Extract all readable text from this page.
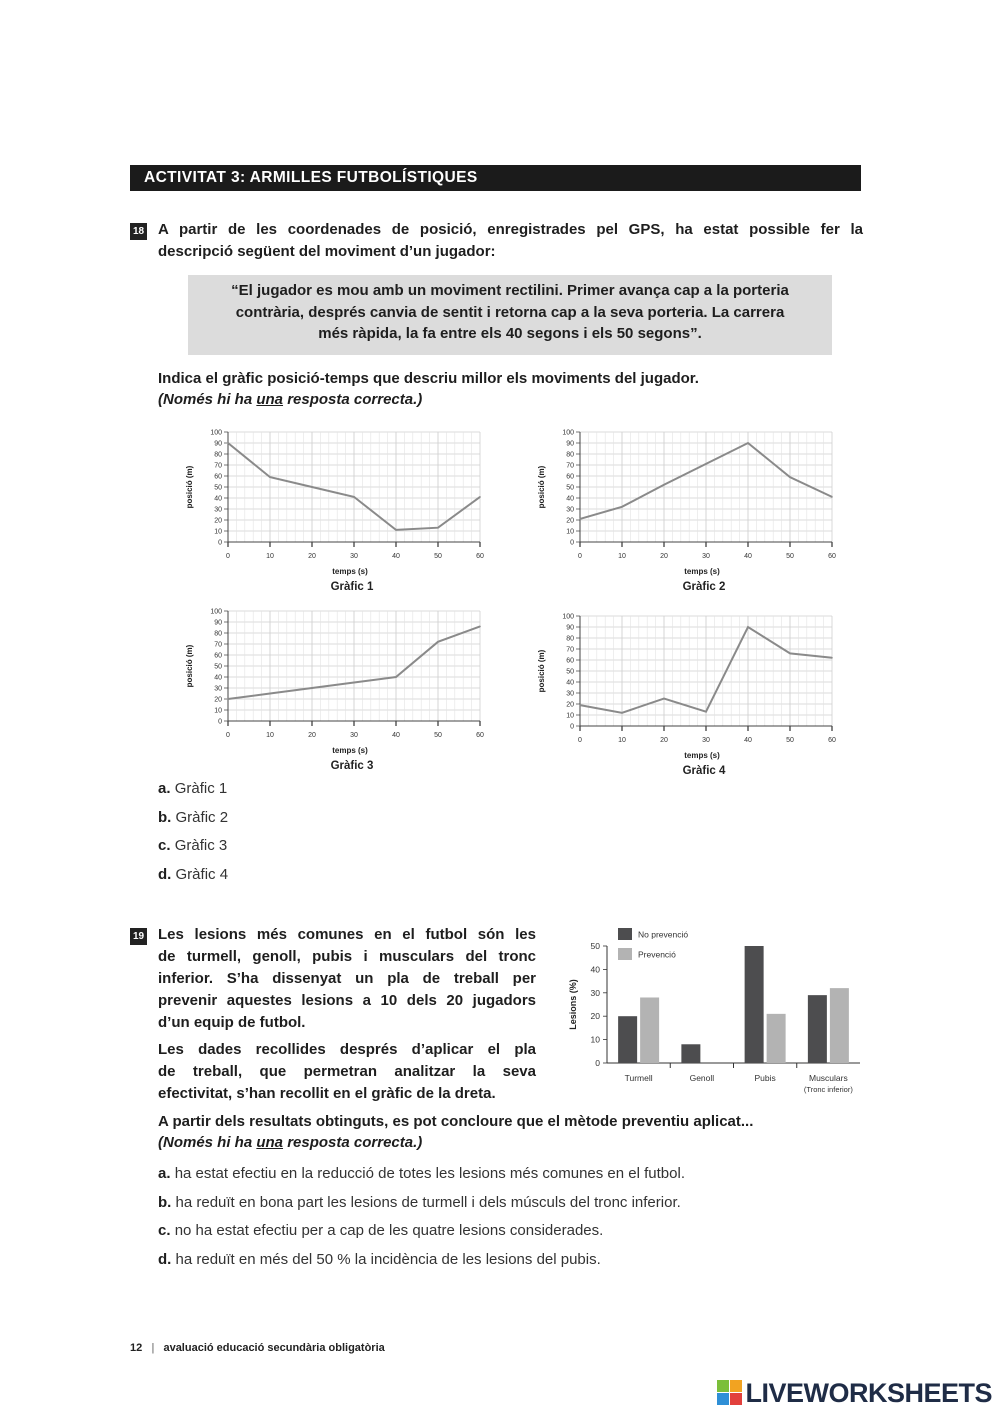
ACTIVITAT 3: ARMILLES FUTBOLÍSTIQUES
18 A partir de les coordenades de posició, enregistrades pel GPS, ha estat possible fer la
descripció següent del moviment d’un jugador:
“El jugador es mou amb un moviment rectilini. Primer avança cap a la porteria
contrària, després canvia de sentit i retorna cap a la seva porteria. La carrera
més ràpida, la fa entre els 40 segons i els 50 segons”.
Indica el gràfic posició-temps que descriu millor els moviments del jugador.
(Només hi ha una resposta correcta.)
0
10
20
30
40
50
60
70
80
90
100
0	10	20	30	40	50	60
temps (s)
posició (m)
Gràfic 1
0
10
20
30
40
50
60
70
80
90
100
0	10	20	30	40	50	60
temps (s)
posició (m)
Gràfic 2
0
10
20
30
40
50
60
70
80
90
100
0	10	20	30	40	50	60
temps (s)
posició (m)
Gràfic 3
0
10
20
30
40
50
60
70
80
90
100
0	10	20	30	40	50	60
temps (s)
posició (m)
Gràfic 4
a. Gràfic 1
b. Gràfic 2
c. Gràfic 3
d. Gràfic 4
19 Les lesions més comunes en el futbol són les
de turmell, genoll, pubis i musculars del tronc
inferior. S’ha dissenyat un pla de treball per
prevenir aquestes lesions a 10 dels 20 jugadors
d’un equip de futbol.
Les dades recollides després d’aplicar el pla
de treball, que permetran analitzar la seva
efectivitat, s’han recollit en el gràfic de la dreta.
0
10
20
30
40
50
Turmell	Genoll	Pubis	Musculars
(Tronc inferior)
Lesions (%)
No prevenció
Prevenció
A partir dels resultats obtinguts, es pot concloure que el mètode preventiu aplicat...
(Només hi ha una resposta correcta.)
a. ha estat efectiu en la reducció de totes les lesions més comunes en el futbol.
b. ha reduït en bona part les lesions de turmell i dels músculs del tronc inferior.
c. no ha estat efectiu per a cap de les quatre lesions considerades.
d. ha reduït en més del 50 % la incidència de les lesions del pubis.
12 | avaluació educació secundària obligatòria
LIVEWORKSHEETS
